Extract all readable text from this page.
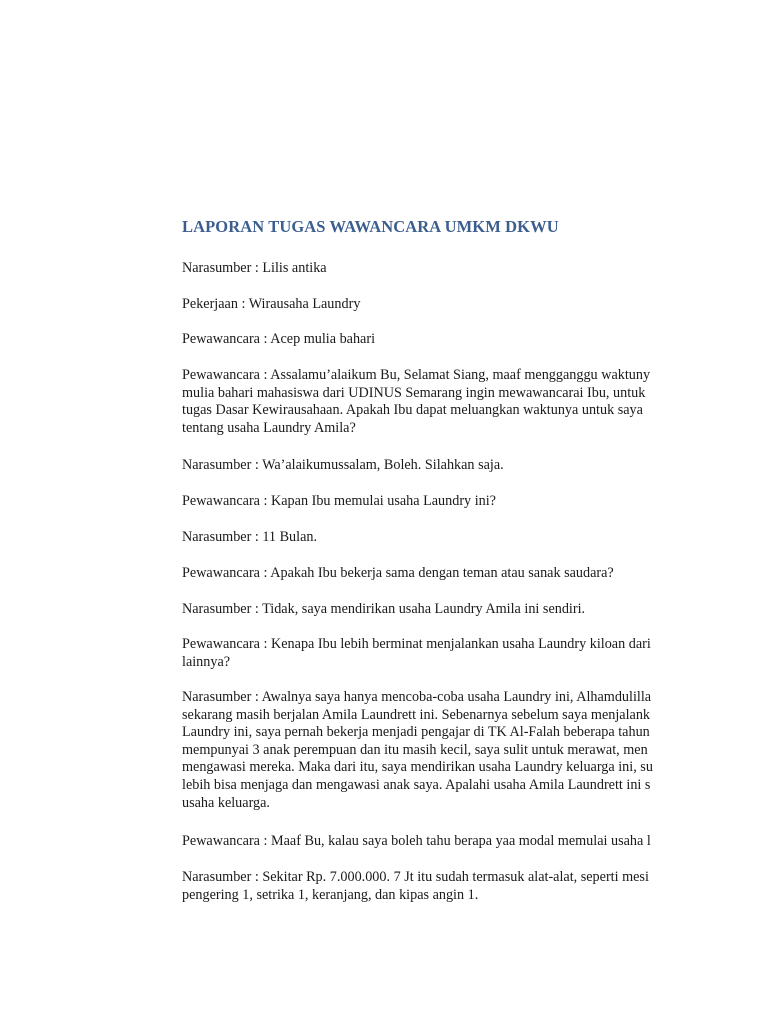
LAPORAN TUGAS WAWANCARA UMKM DKWU
Narasumber : Lilis antika
Pekerjaan : Wirausaha Laundry
Pewawancara : Acep mulia bahari
Pewawancara : Assalamu’alaikum Bu, Selamat Siang, maaf mengganggu waktuny
mulia bahari mahasiswa dari UDINUS Semarang ingin mewawancarai Ibu, untuk
tugas Dasar Kewirausahaan. Apakah Ibu dapat meluangkan waktunya untuk saya
tentang usaha Laundry Amila?
Narasumber : Wa’alaikumussalam, Boleh. Silahkan saja.
Pewawancara : Kapan Ibu memulai usaha Laundry ini?
Narasumber : 11 Bulan.
Pewawancara : Apakah Ibu bekerja sama dengan teman atau sanak saudara?
Narasumber : Tidak, saya mendirikan usaha Laundry Amila ini sendiri.
Pewawancara : Kenapa Ibu lebih berminat menjalankan usaha Laundry kiloan dari
lainnya?
Narasumber : Awalnya saya hanya mencoba-coba usaha Laundry ini, Alhamdulilla
sekarang masih berjalan Amila Laundrett ini. Sebenarnya sebelum saya menjalank
Laundry ini, saya pernah bekerja menjadi pengajar di TK Al-Falah beberapa tahun
mempunyai 3 anak perempuan dan itu masih kecil, saya sulit untuk merawat, men
mengawasi mereka. Maka dari itu, saya mendirikan usaha Laundry keluarga ini, su
lebih bisa menjaga dan mengawasi anak saya. Apalahi usaha Amila Laundrett ini s
usaha keluarga.
Pewawancara : Maaf Bu, kalau saya boleh tahu berapa yaa modal memulai usaha l
Narasumber : Sekitar Rp. 7.000.000. 7 Jt itu sudah termasuk alat-alat, seperti mesi
pengering 1, setrika 1, keranjang, dan kipas angin 1.
